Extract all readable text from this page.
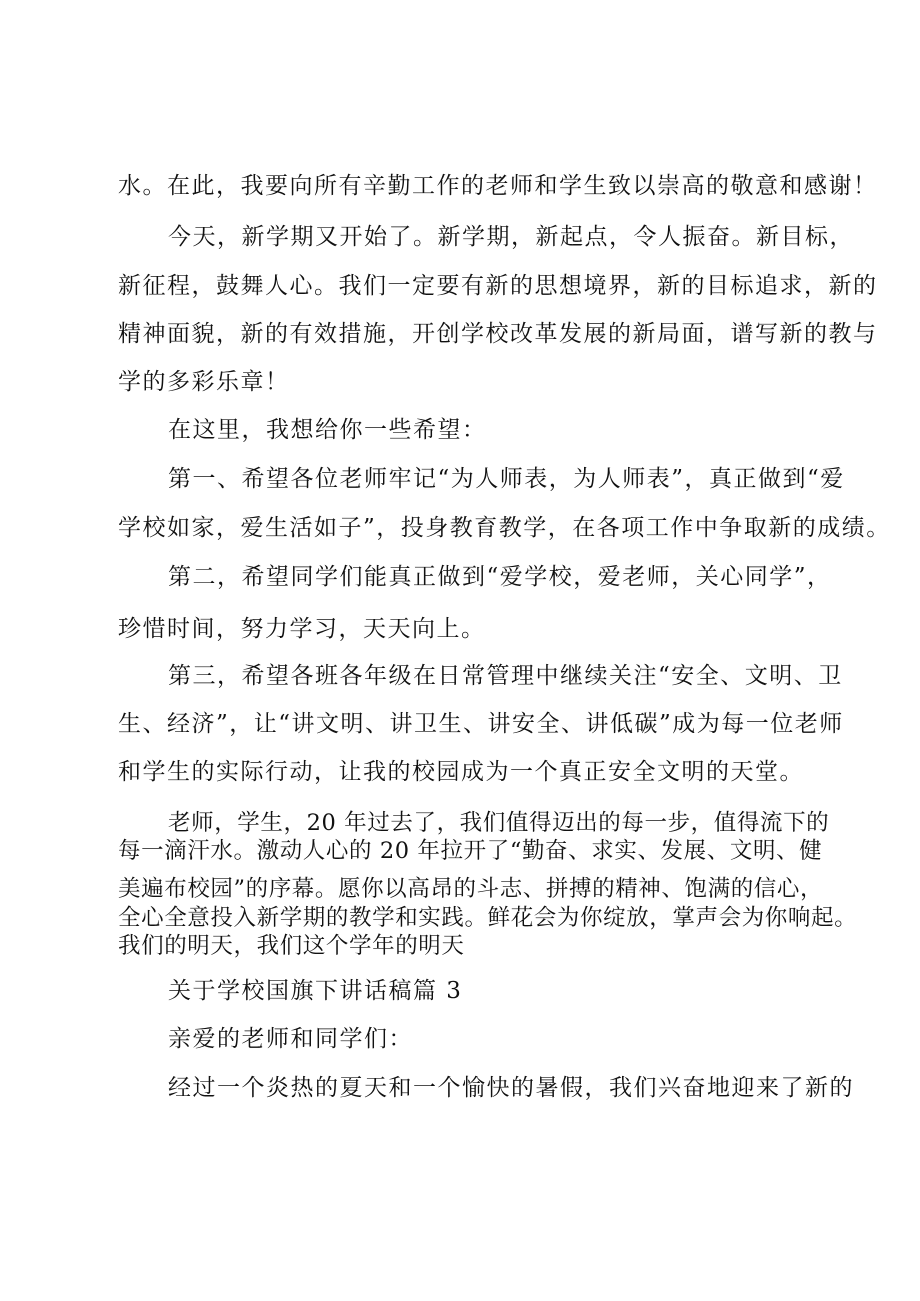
水。在此，我要向所有辛勤工作的老师和学生致以崇高的敬意和感谢！
今天，新学期又开始了。新学期，新起点，令人振奋。新目标，
新征程，鼓舞人心。我们一定要有新的思想境界，新的目标追求，新的
精神面貌，新的有效措施，开创学校改革发展的新局面，谱写新的教与
学的多彩乐章！
在这里，我想给你一些希望：
第一、希望各位老师牢记“为人师表，为人师表”，真正做到“爱
学校如家，爱生活如子”，投身教育教学，在各项工作中争取新的成绩。
第二，希望同学们能真正做到“爱学校，爱老师，关心同学”，
珍惜时间，努力学习，天天向上。
第三，希望各班各年级在日常管理中继续关注“安全、文明、卫
生、经济”，让“讲文明、讲卫生、讲安全、讲低碳”成为每一位老师
和学生的实际行动，让我的校园成为一个真正安全文明的天堂。
老师，学生，20 年过去了，我们值得迈出的每一步，值得流下的
每一滴汗水。激动人心的 20 年拉开了“勤奋、求实、发展、文明、健
美遍布校园”的序幕。愿你以高昂的斗志、拼搏的精神、饱满的信心，
全心全意投入新学期的教学和实践。鲜花会为你绽放，掌声会为你响起。
我们的明天，我们这个学年的明天
关于学校国旗下讲话稿篇 3
亲爱的老师和同学们：
经过一个炎热的夏天和一个愉快的暑假，我们兴奋地迎来了新的
